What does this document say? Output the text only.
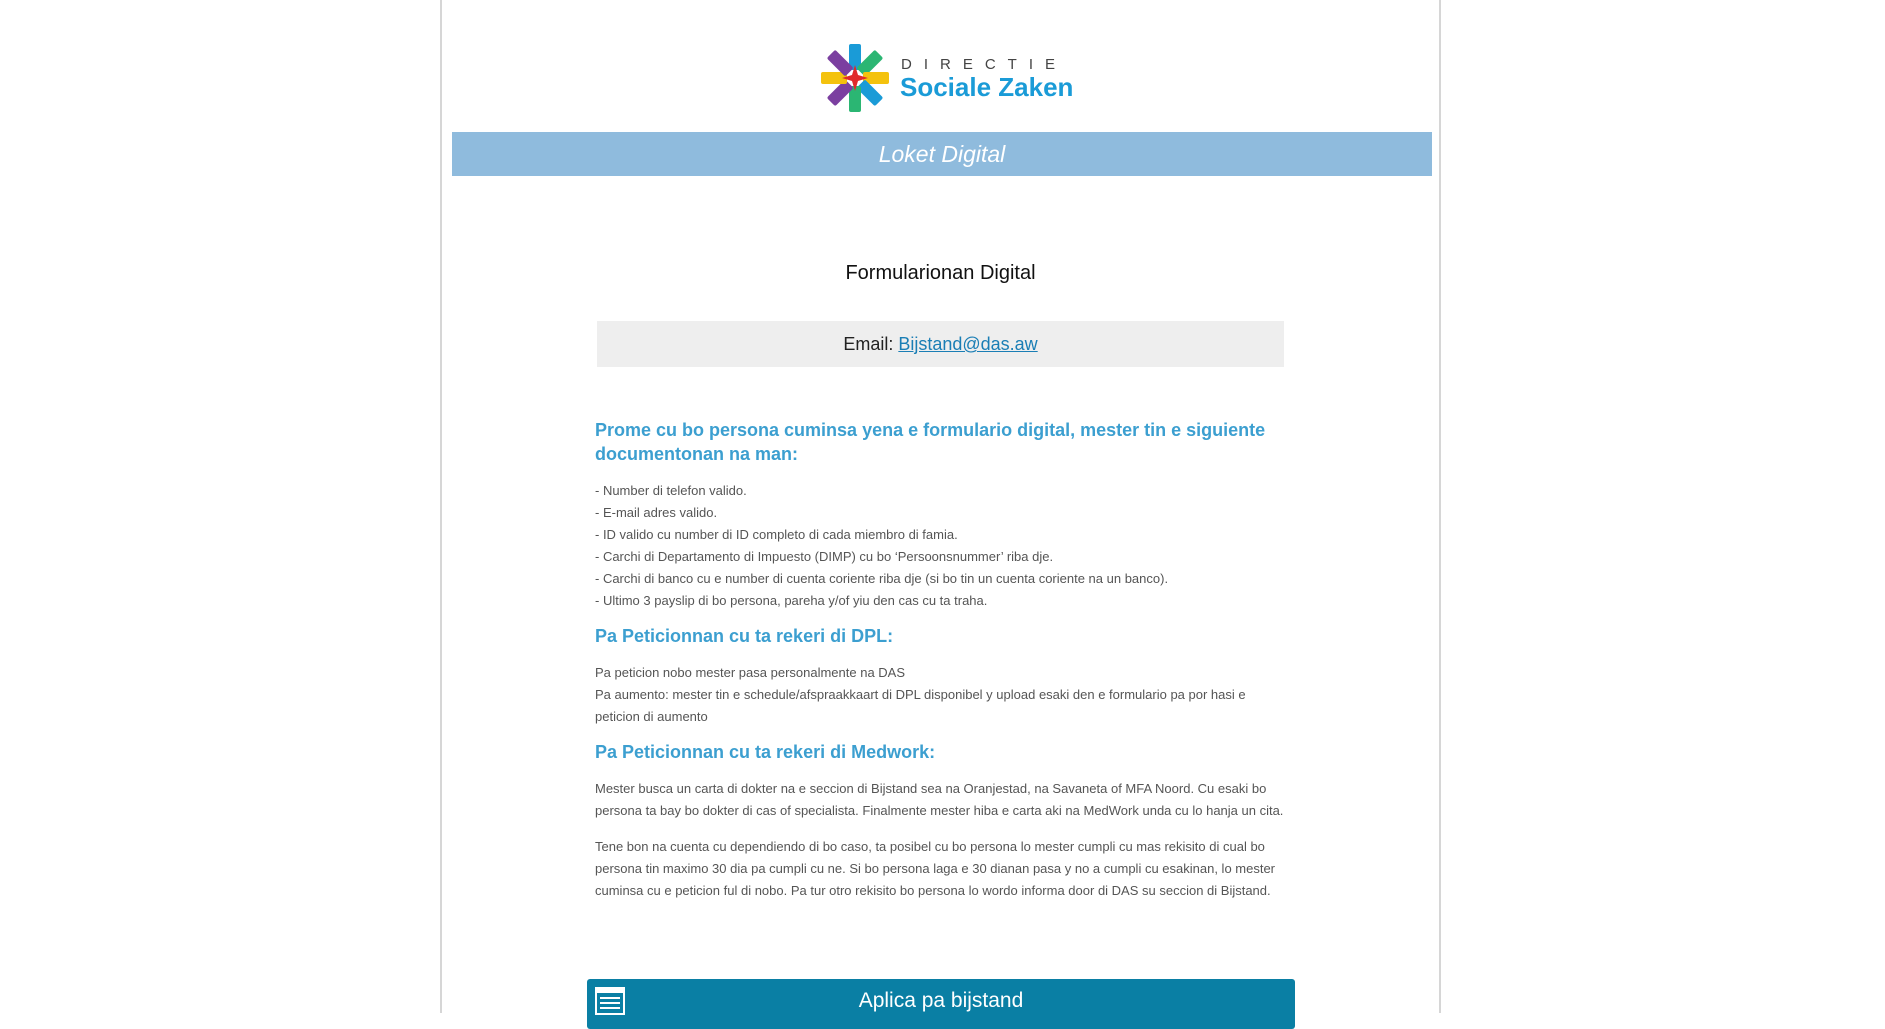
DIRECTIE
Sociale Zaken
Loket Digital
Formularionan Digital
Email: Bijstand@das.aw
Prome cu bo persona cuminsa yena e formulario digital, mester tin e siguiente documentonan na man:

- Number di telefon valido.

- E-mail adres valido.

- ID valido cu number di ID completo di cada miembro di famia.

- Carchi di Departamento di Impuesto (DIMP) cu bo ‘Persoonsnummer’ riba dje.

- Carchi di banco cu e number di cuenta coriente riba dje (si bo tin un cuenta coriente na un banco).

- Ultimo 3 payslip di bo persona, pareha y/of yiu den cas cu ta traha.

Pa Peticionnan cu ta rekeri di DPL:

Pa peticion nobo mester pasa personalmente na DAS

Pa aumento: mester tin e schedule/afspraakkaart di DPL disponibel y upload esaki den e formulario pa por hasi e peticion di aumento

Pa Peticionnan cu ta rekeri di Medwork:

Mester busca un carta di dokter na e seccion di Bijstand sea na Oranjestad, na Savaneta of MFA Noord. Cu esaki bo persona ta bay bo dokter di cas of specialista. Finalmente mester hiba e carta aki na MedWork unda cu lo hanja un cita.

Tene bon na cuenta cu dependiendo di bo caso, ta posibel cu bo persona lo mester cumpli cu mas rekisito di cual bo persona tin maximo 30 dia pa cumpli cu ne. Si bo persona laga e 30 dianan pasa y no a cumpli cu esakinan, lo mester cuminsa cu e peticion ful di nobo. Pa tur otro rekisito bo persona lo wordo informa door di DAS su seccion di Bijstand.

Aplica pa bijstand
